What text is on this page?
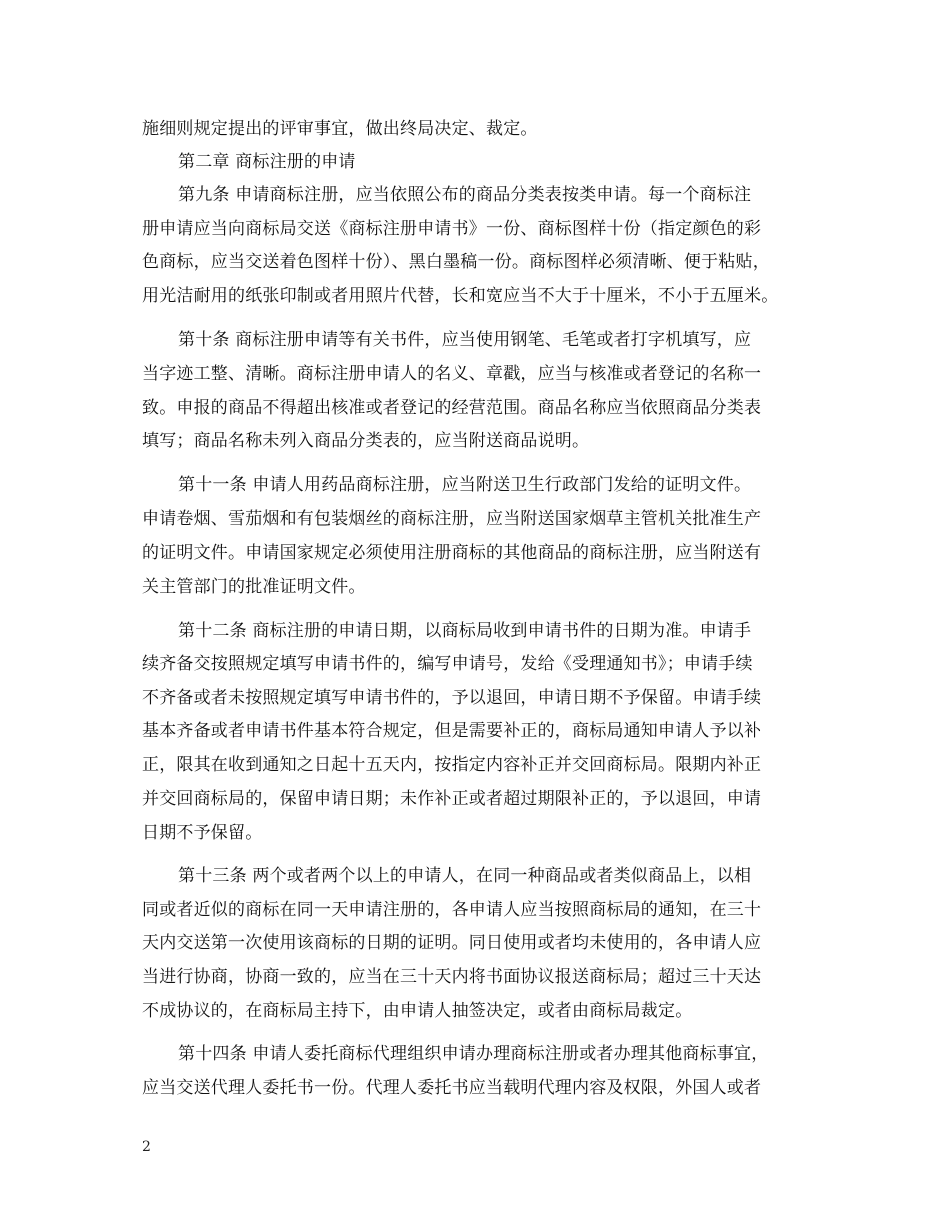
施细则规定提出的评审事宜，做出终局决定、裁定。
第二章 商标注册的申请
第九条 申请商标注册，应当依照公布的商品分类表按类申请。每一个商标注
册申请应当向商标局交送《商标注册申请书》一份、商标图样十份（指定颜色的彩
色商标，应当交送着色图样十份）、黑白墨稿一份。商标图样必须清晰、便于粘贴，
用光洁耐用的纸张印制或者用照片代替，长和宽应当不大于十厘米，不小于五厘米。
第十条 商标注册申请等有关书件，应当使用钢笔、毛笔或者打字机填写，应
当字迹工整、清晰。商标注册申请人的名义、章戳，应当与核准或者登记的名称一
致。申报的商品不得超出核准或者登记的经营范围。商品名称应当依照商品分类表
填写；商品名称未列入商品分类表的，应当附送商品说明。
第十一条 申请人用药品商标注册，应当附送卫生行政部门发给的证明文件。
申请卷烟、雪茄烟和有包装烟丝的商标注册，应当附送国家烟草主管机关批准生产
的证明文件。申请国家规定必须使用注册商标的其他商品的商标注册，应当附送有
关主管部门的批准证明文件。
第十二条 商标注册的申请日期，以商标局收到申请书件的日期为准。申请手
续齐备交按照规定填写申请书件的，编写申请号，发给《受理通知书》；申请手续
不齐备或者未按照规定填写申请书件的，予以退回，申请日期不予保留。申请手续
基本齐备或者申请书件基本符合规定，但是需要补正的，商标局通知申请人予以补
正，限其在收到通知之日起十五天内，按指定内容补正并交回商标局。限期内补正
并交回商标局的，保留申请日期；未作补正或者超过期限补正的，予以退回，申请
日期不予保留。
第十三条 两个或者两个以上的申请人，在同一种商品或者类似商品上，以相
同或者近似的商标在同一天申请注册的，各申请人应当按照商标局的通知，在三十
天内交送第一次使用该商标的日期的证明。同日使用或者均未使用的，各申请人应
当进行协商，协商一致的，应当在三十天内将书面协议报送商标局；超过三十天达
不成协议的，在商标局主持下，由申请人抽签决定，或者由商标局裁定。
第十四条 申请人委托商标代理组织申请办理商标注册或者办理其他商标事宜，
应当交送代理人委托书一份。代理人委托书应当载明代理内容及权限，外国人或者
2
